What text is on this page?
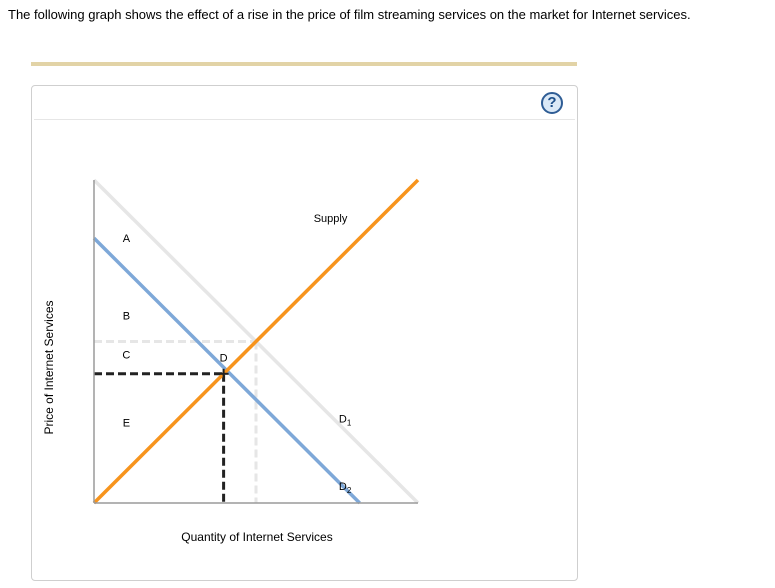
The following graph shows the effect of a rise in the price of film streaming services on the market for Internet services.
?
A
B
C	D
E
Supply
$D_1$
$D_2$
Quantity of Internet Services
Price of Internet Services
